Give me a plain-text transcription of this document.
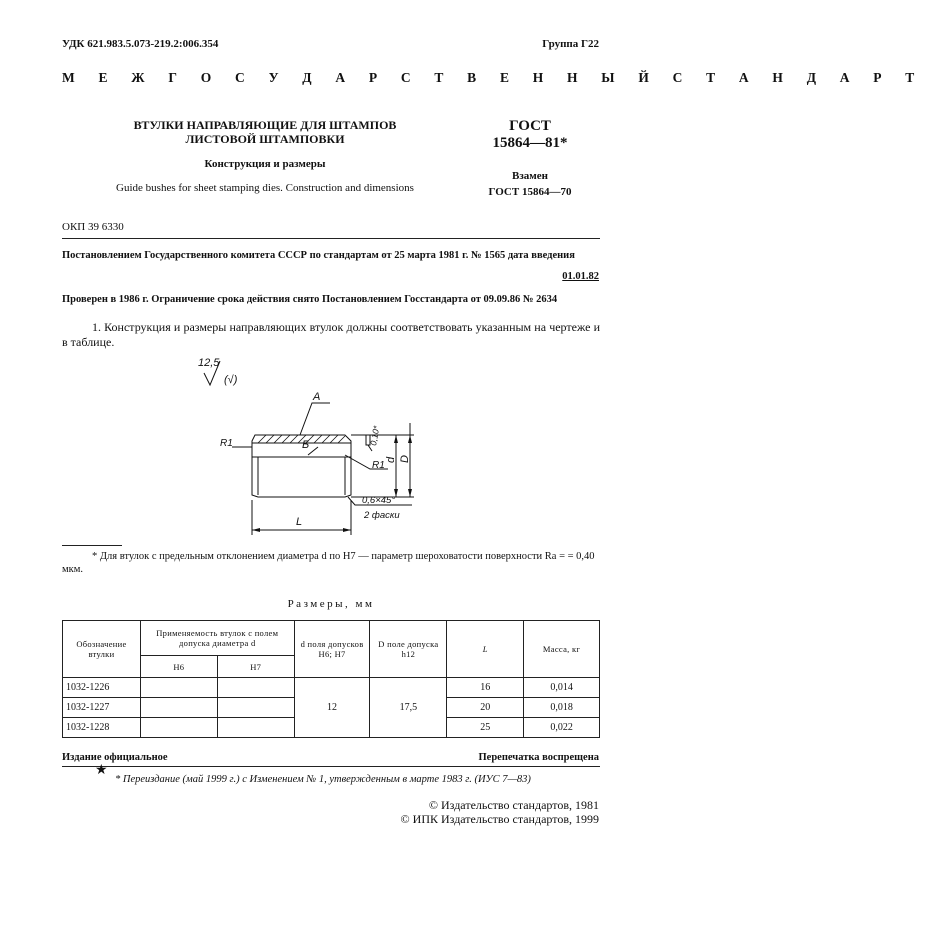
УДК 621.983.5.073-219.2:006.354	Группа Г22
М Е Ж Г О С У Д А Р С Т В Е Н Н Ы Й С Т А Н Д А Р Т
ВТУЛКИ НАПРАВЛЯЮЩИЕ ДЛЯ ШТАМПОВ
ЛИСТОВОЙ ШТАМПОВКИ
ГОСТ
15864—81*
Конструкция и размеры
Guide bushes for sheet stamping dies. Construction and dimensions
Взамен
ГОСТ 15864—70
ОКП 39 6330
Постановлением Государственного комитета СССР по стандартам от 25 марта 1981 г. № 1565 дата введения
01.01.82
Проверен в 1986 г. Ограничение срока действия снято Постановлением Госстандарта от 09.09.86 № 2634
1. Конструкция и размеры направляющих втулок должны соответствовать указанным на чертеже и в таблице.
12,5
(√)
A
Б
R1
R1
0,10*
d D
0,6×45°
2 фаски
L
* Для втулок с предельным отклонением диаметра d по Н7 — параметр шероховатости поверхности Ra = = 0,40 мкм.
Размеры, мм
Обозначение втулки	Применяемость втулок с полем допуска диаметра d		d поля допусков Н6; Н7	D поле допуска h12	L	Масса, кг
	Н6	Н7				
1032-1226			12	17,5	16	0,014
1032-1227					20	0,018
1032-1228					25	0,022
Издание официальное	Перепечатка воспрещена
★
* Переиздание (май 1999 г.) с Изменением № 1, утвержденным в марте 1983 г. (ИУС 7—83)
© Издательство стандартов, 1981
© ИПК Издательство стандартов, 1999
